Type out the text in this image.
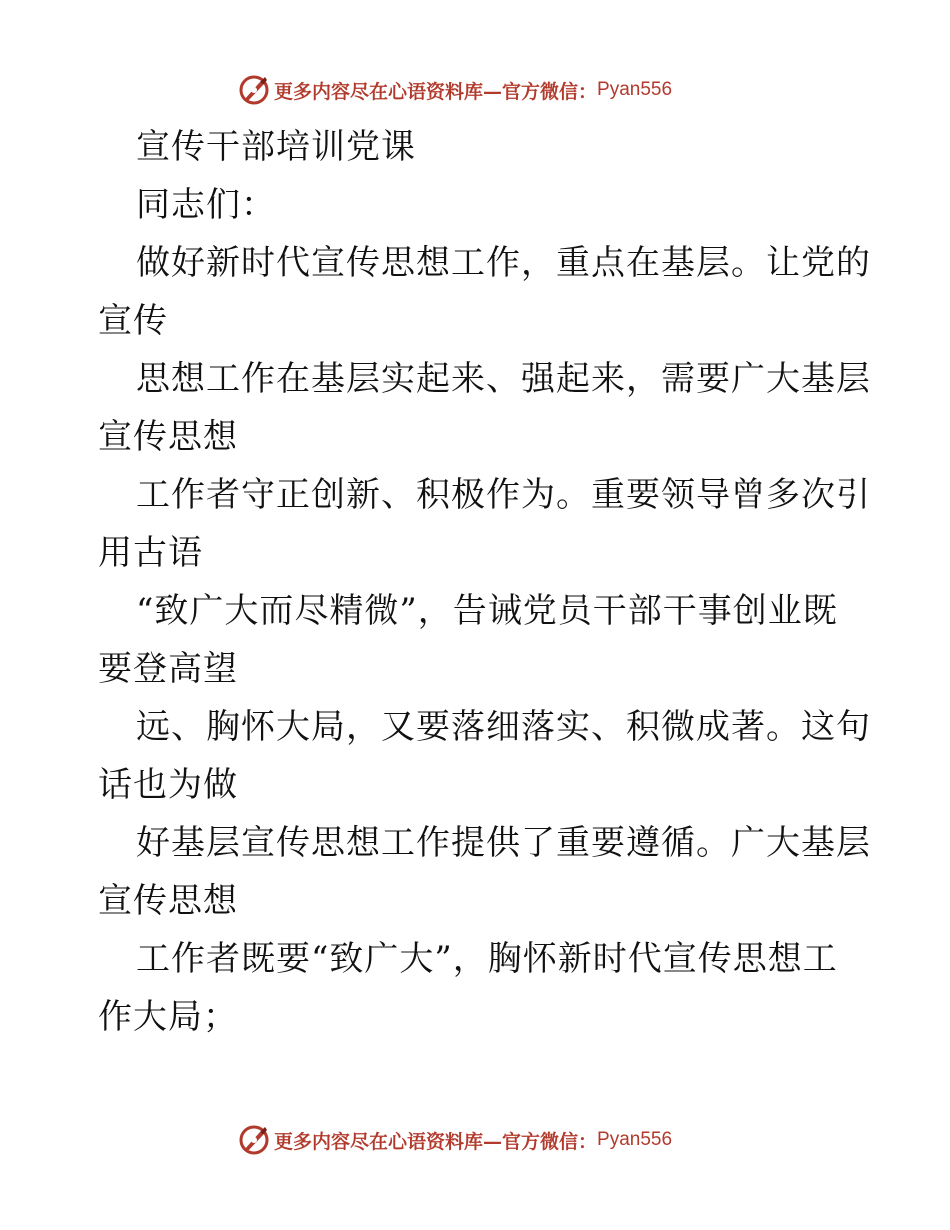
更多内容尽在心语资料库—官方微信： Pyan556
宣传干部培训党课
同志们：
做好新时代宣传思想工作，重点在基层。让党的
宣传
思想工作在基层实起来、强起来，需要广大基层
宣传思想
工作者守正创新、积极作为。重要领导曾多次引
用古语
“致广大而尽精微”，告诫党员干部干事创业既
要登高望
远、胸怀大局，又要落细落实、积微成著。这句
话也为做
好基层宣传思想工作提供了重要遵循。广大基层
宣传思想
工作者既要“致广大”，胸怀新时代宣传思想工
作大局；
更多内容尽在心语资料库—官方微信： Pyan556
